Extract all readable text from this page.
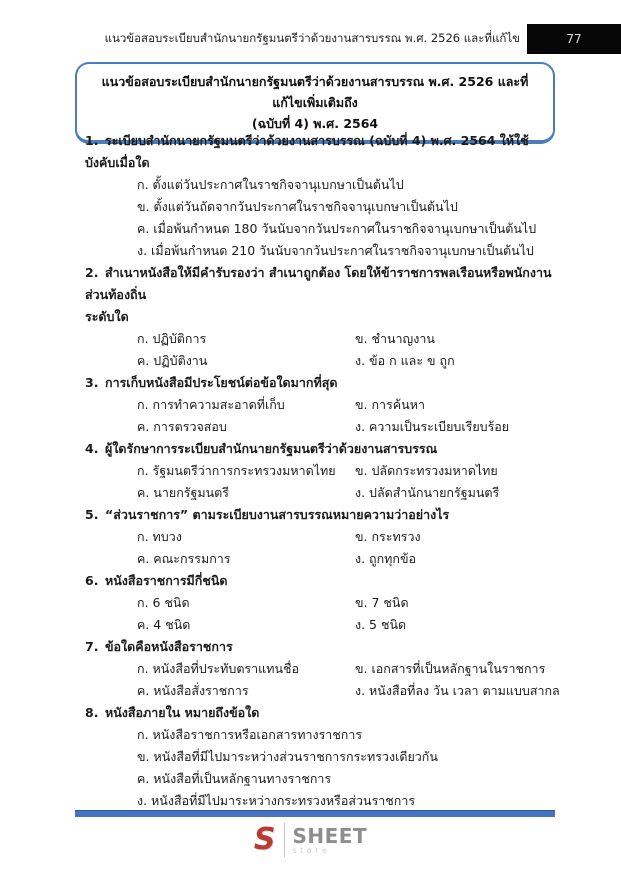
แนวข้อสอบระเบียบสำนักนายกรัฐมนตรีว่าด้วยงานสารบรรณ พ.ศ. 2526 และที่แก้ไข	77
แนวข้อสอบระเบียบสำนักนายกรัฐมนตรีว่าด้วยงานสารบรรณ พ.ศ. 2526 และที่แก้ไขเพิ่มเติมถึง
(ฉบับที่ 4) พ.ศ. 2564
1. ระเบียบสำนักนายกรัฐมนตรีว่าด้วยงานสารบรรณ (ฉบับที่ 4) พ.ศ. 2564 ให้ใช้บังคับเมื่อใด
ก. ตั้งแต่วันประกาศในราชกิจจานุเบกษาเป็นต้นไป
ข. ตั้งแต่วันถัดจากวันประกาศในราชกิจจานุเบกษาเป็นต้นไป
ค. เมื่อพ้นกำหนด 180 วันนับจากวันประกาศในราชกิจจานุเบกษาเป็นต้นไป
ง. เมื่อพ้นกำหนด 210 วันนับจากวันประกาศในราชกิจจานุเบกษาเป็นต้นไป
2. สำเนาหนังสือให้มีคำรับรองว่า สำเนาถูกต้อง โดยให้ข้าราชการพลเรือนหรือพนักงานส่วนท้องถิ่น
ระดับใด
ก. ปฏิบัติการ	ข. ชำนาญงาน
ค. ปฏิบัติงาน	ง. ข้อ ก และ ข ถูก
3. การเก็บหนังสือมีประโยชน์ต่อข้อใดมากที่สุด
ก. การทำความสะอาดที่เก็บ	ข. การค้นหา
ค. การตรวจสอบ	ง. ความเป็นระเบียบเรียบร้อย
4. ผู้ใดรักษาการระเบียบสำนักนายกรัฐมนตรีว่าด้วยงานสารบรรณ
ก. รัฐมนตรีว่าการกระทรวงมหาดไทย	ข. ปลัดกระทรวงมหาดไทย
ค. นายกรัฐมนตรี	ง. ปลัดสำนักนายกรัฐมนตรี
5. “ส่วนราชการ” ตามระเบียบงานสารบรรณหมายความว่าอย่างไร
ก. ทบวง	ข. กระทรวง
ค. คณะกรรมการ	ง. ถูกทุกข้อ
6. หนังสือราชการมีกี่ชนิด
ก. 6 ชนิด	ข. 7 ชนิด
ค. 4 ชนิด	ง. 5 ชนิด
7. ข้อใดคือหนังสือราชการ
ก. หนังสือที่ประทับตราแทนชื่อ	ข. เอกสารที่เป็นหลักฐานในราชการ
ค. หนังสือสั่งราชการ	ง. หนังสือที่ลง วัน เวลา ตามแบบสากล
8. หนังสือภายใน หมายถึงข้อใด
ก. หนังสือราชการหรือเอกสารทางราชการ
ข. หนังสือที่มีไปมาระหว่างส่วนราชการกระทรวงเดียวกัน
ค. หนังสือที่เป็นหลักฐานทางราชการ
ง. หนังสือที่มีไปมาระหว่างกระทรวงหรือส่วนราชการ
S SHEET
store
